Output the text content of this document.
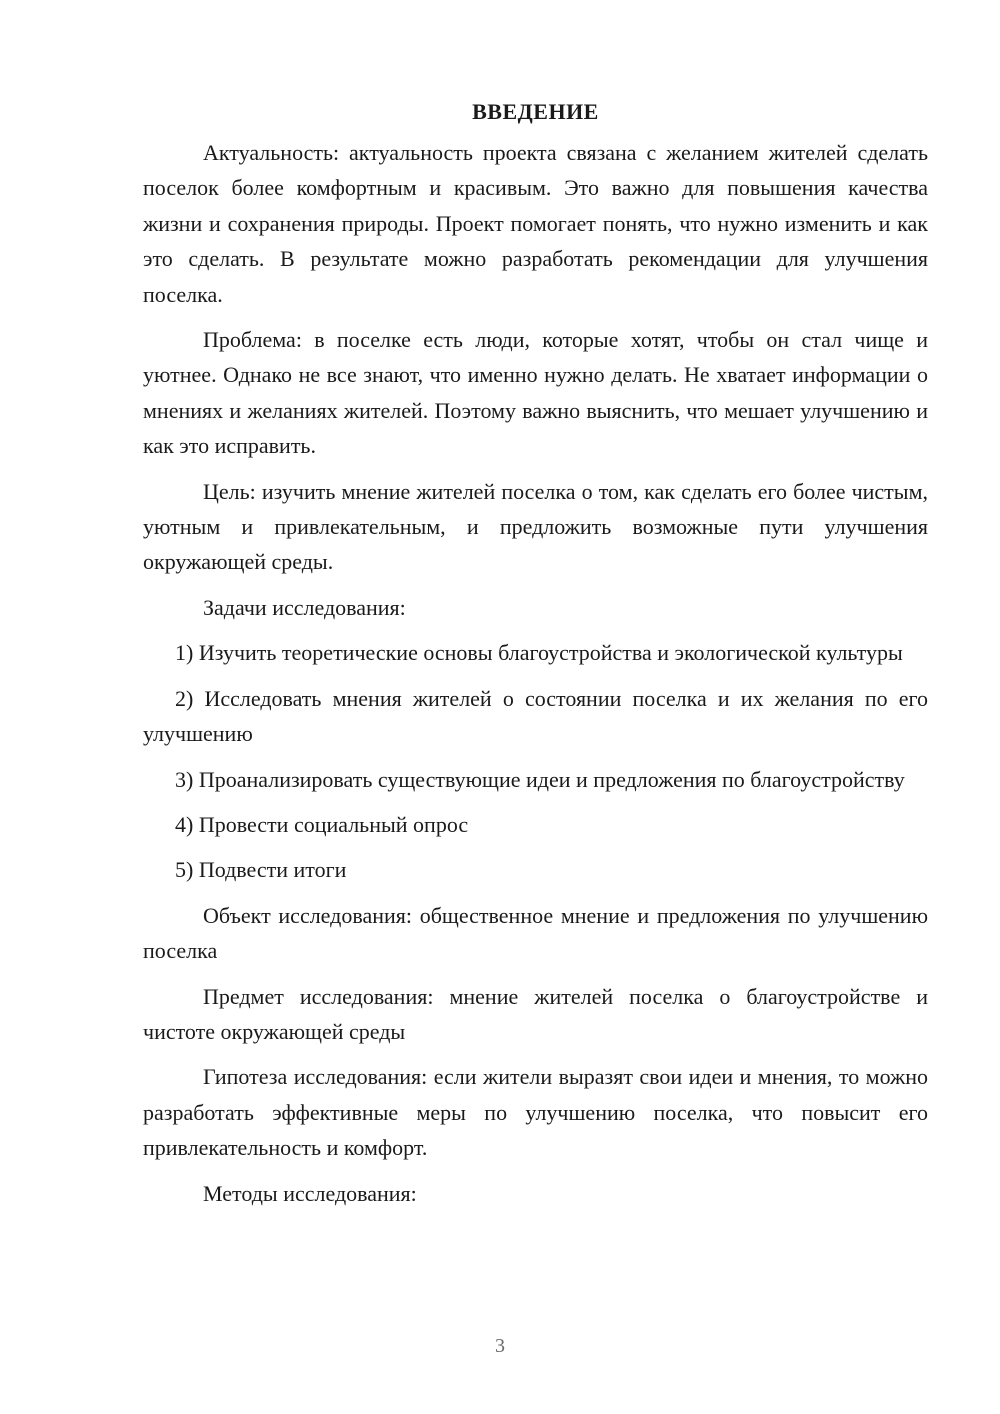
ВВЕДЕНИЕ

Актуальность: актуальность проекта связана с желанием жителей сделать поселок более комфортным и красивым. Это важно для повышения качества жизни и сохранения природы. Проект помогает понять, что нужно изменить и как это сделать. В результате можно разработать рекомендации для улучшения поселка.

Проблема: в поселке есть люди, которые хотят, чтобы он стал чище и уютнее. Однако не все знают, что именно нужно делать. Не хватает информации о мнениях и желаниях жителей. Поэтому важно выяснить, что мешает улучшению и как это исправить.

Цель: изучить мнение жителей поселка о том, как сделать его более чистым, уютным и привлекательным, и предложить возможные пути улучшения окружающей среды.

Задачи исследования:

1) Изучить теоретические основы благоустройства и экологической культуры

2) Исследовать мнения жителей о состоянии поселка и их желания по его улучшению

3) Проанализировать существующие идеи и предложения по благоустройству

4) Провести социальный опрос

5) Подвести итоги

Объект исследования: общественное мнение и предложения по улучшению поселка

Предмет исследования: мнение жителей поселка о благоустройстве и чистоте окружающей среды

Гипотеза исследования: если жители выразят свои идеи и мнения, то можно разработать эффективные меры по улучшению поселка, что повысит его привлекательность и комфорт.

Методы исследования:

3
